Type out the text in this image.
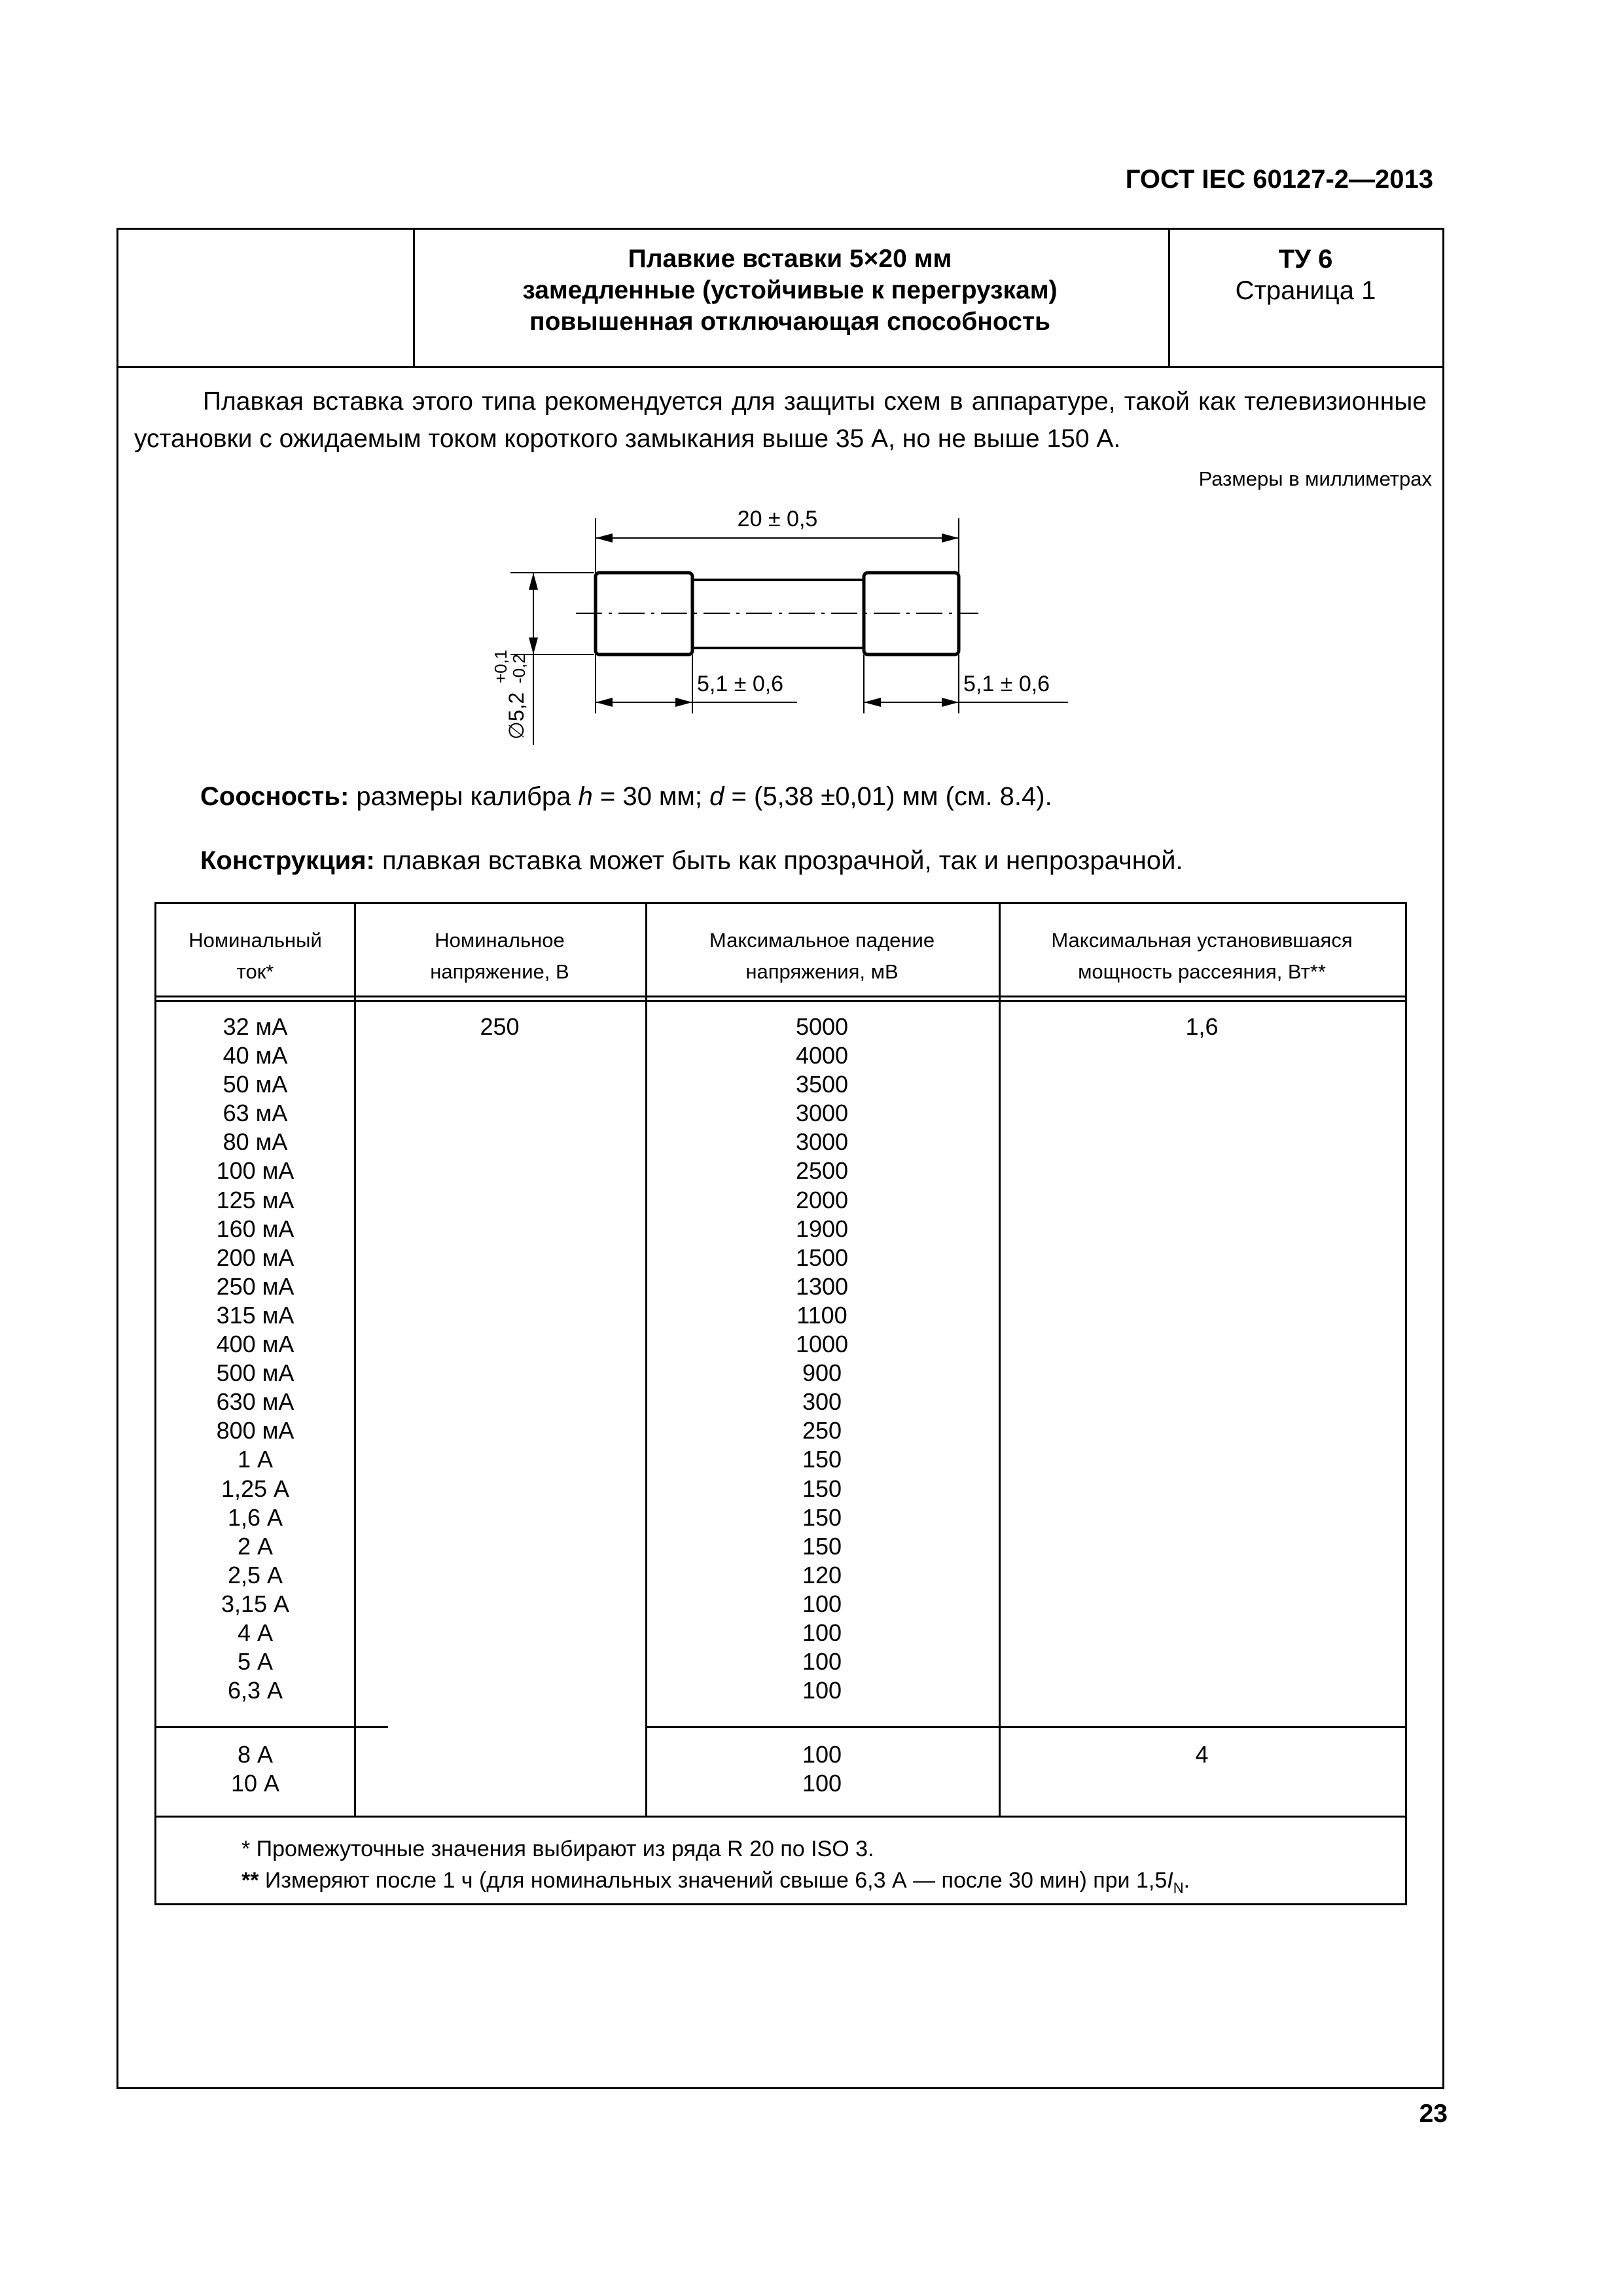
ГОСТ IEC 60127-2—2013
Плавкие вставки 5×20 мм
замедленные (устойчивые к перегрузкам)
повышенная отключающая способность
ТУ 6
Страница 1

Плавкая вставка этого типа рекомендуется для защиты схем в аппаратуре, такой как телевизионные установки с ожидаемым током короткого замыкания выше 35 А, но не выше 150 А.

Размеры в миллиметрах
20 ± 0,5
5,1 ± 0,6	5,1 ± 0,6
∅5,2
+0,1
-0,2
Соосность: размеры калибра h = 30 мм; d = (5,38 ±0,01) мм (см. 8.4).
Конструкция: плавкая вставка может быть как прозрачной, так и непрозрачной.
Номинальный
ток*
Номинальное
напряжение, В
Максимальное падение
напряжения, мВ
Максимальная установившаяся
мощность рассеяния, Вт**
32 мА
40 мА
50 мА
63 мА
80 мА
100 мА
125 мА
160 мА
200 мА
250 мА
315 мА
400 мА
500 мА
630 мА
800 мА
1 А
1,25 А
1,6 А
2 А
2,5 А
3,15 А
4 А
5 А
6,3 А
5000
4000
3500
3000
3000
2500
2000
1900
1500
1300
1100
1000
900
300
250
150
150
150
150
120
100
100
100
100
250	1,6
8 А
10 А
100
100
4
* Промежуточные значения выбирают из ряда R 20 по ISO 3.
** Измеряют после 1 ч (для номинальных значений свыше 6,3 А — после 30 мин) при $1,5I_N$.
23
